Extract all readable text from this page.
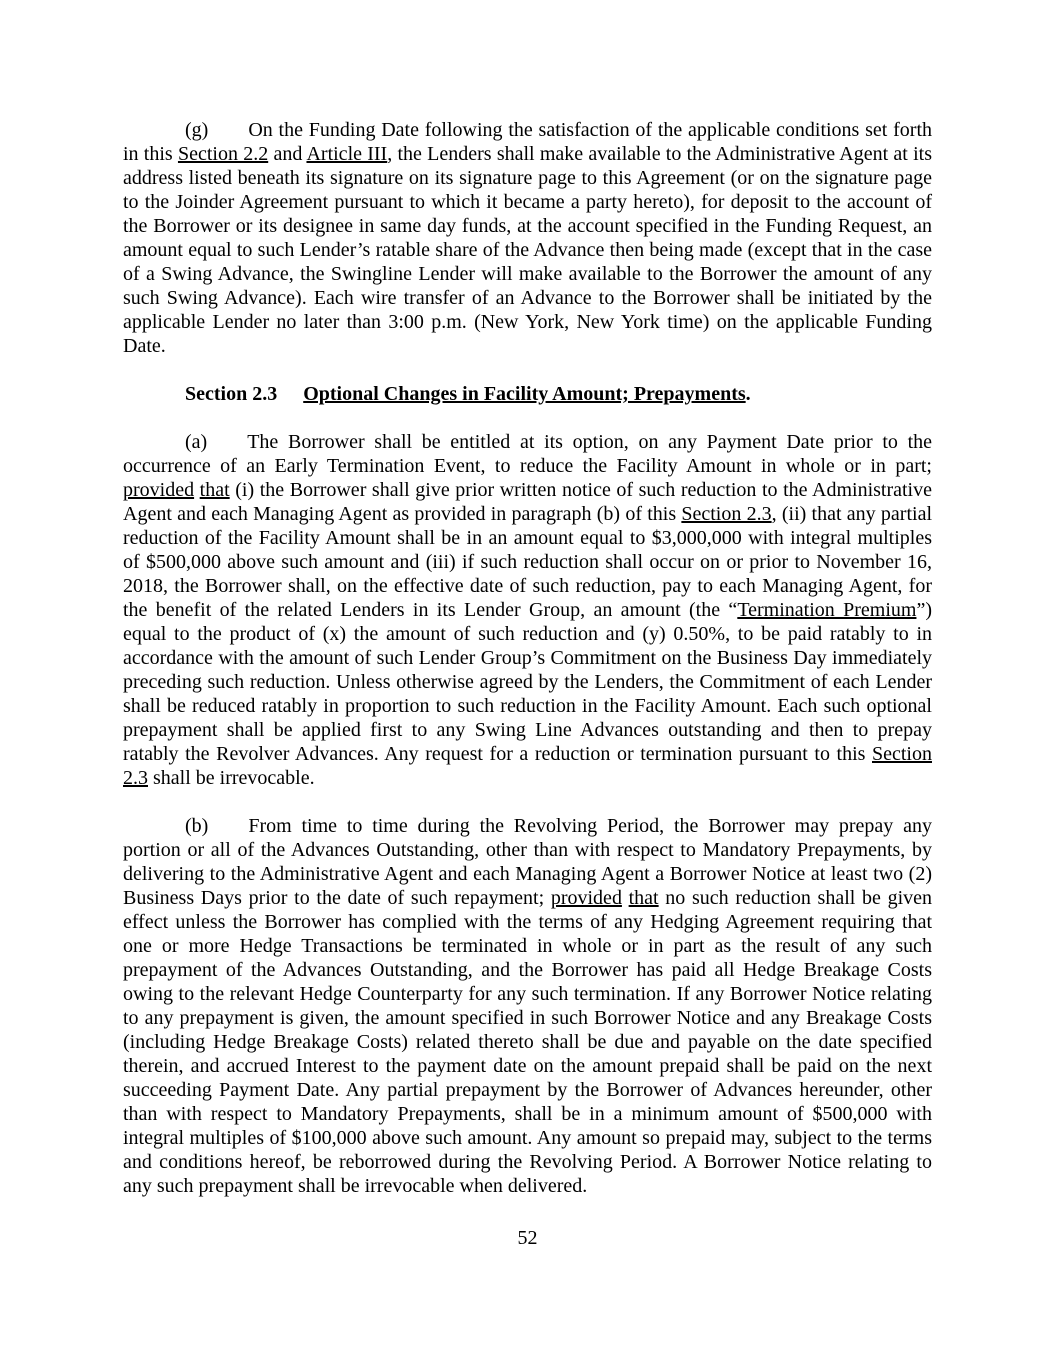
(g) On the Funding Date following the satisfaction of the applicable conditions set forth in this Section 2.2 and Article III, the Lenders shall make available to the Administrative Agent at its address listed beneath its signature on its signature page to this Agreement (or on the signature page to the Joinder Agreement pursuant to which it became a party hereto), for deposit to the account of the Borrower or its designee in same day funds, at the account specified in the Funding Request, an amount equal to such Lender’s ratable share of the Advance then being made (except that in the case of a Swing Advance, the Swingline Lender will make available to the Borrower the amount of any such Swing Advance). Each wire transfer of an Advance to the Borrower shall be initiated by the applicable Lender no later than 3:00 p.m. (New York, New York time) on the applicable Funding Date.

Section 2.3 Optional Changes in Facility Amount; Prepayments.

(a) The Borrower shall be entitled at its option, on any Payment Date prior to the occurrence of an Early Termination Event, to reduce the Facility Amount in whole or in part; provided that (i) the Borrower shall give prior written notice of such reduction to the Administrative Agent and each Managing Agent as provided in paragraph (b) of this Section 2.3, (ii) that any partial reduction of the Facility Amount shall be in an amount equal to $3,000,000 with integral multiples of $500,000 above such amount and (iii) if such reduction shall occur on or prior to November 16, 2018, the Borrower shall, on the effective date of such reduction, pay to each Managing Agent, for the benefit of the related Lenders in its Lender Group, an amount (the “Termination Premium”) equal to the product of (x) the amount of such reduction and (y) 0.50%, to be paid ratably to in accordance with the amount of such Lender Group’s Commitment on the Business Day immediately preceding such reduction. Unless otherwise agreed by the Lenders, the Commitment of each Lender shall be reduced ratably in proportion to such reduction in the Facility Amount. Each such optional prepayment shall be applied first to any Swing Line Advances outstanding and then to prepay ratably the Revolver Advances. Any request for a reduction or termination pursuant to this Section 2.3 shall be irrevocable.

(b) From time to time during the Revolving Period, the Borrower may prepay any portion or all of the Advances Outstanding, other than with respect to Mandatory Prepayments, by delivering to the Administrative Agent and each Managing Agent a Borrower Notice at least two (2) Business Days prior to the date of such repayment; provided that no such reduction shall be given effect unless the Borrower has complied with the terms of any Hedging Agreement requiring that one or more Hedge Transactions be terminated in whole or in part as the result of any such prepayment of the Advances Outstanding, and the Borrower has paid all Hedge Breakage Costs owing to the relevant Hedge Counterparty for any such termination. If any Borrower Notice relating to any prepayment is given, the amount specified in such Borrower Notice and any Breakage Costs (including Hedge Breakage Costs) related thereto shall be due and payable on the date specified therein, and accrued Interest to the payment date on the amount prepaid shall be paid on the next succeeding Payment Date. Any partial prepayment by the Borrower of Advances hereunder, other than with respect to Mandatory Prepayments, shall be in a minimum amount of $500,000 with integral multiples of $100,000 above such amount. Any amount so prepaid may, subject to the terms and conditions hereof, be reborrowed during the Revolving Period. A Borrower Notice relating to any such prepayment shall be irrevocable when delivered.

52
